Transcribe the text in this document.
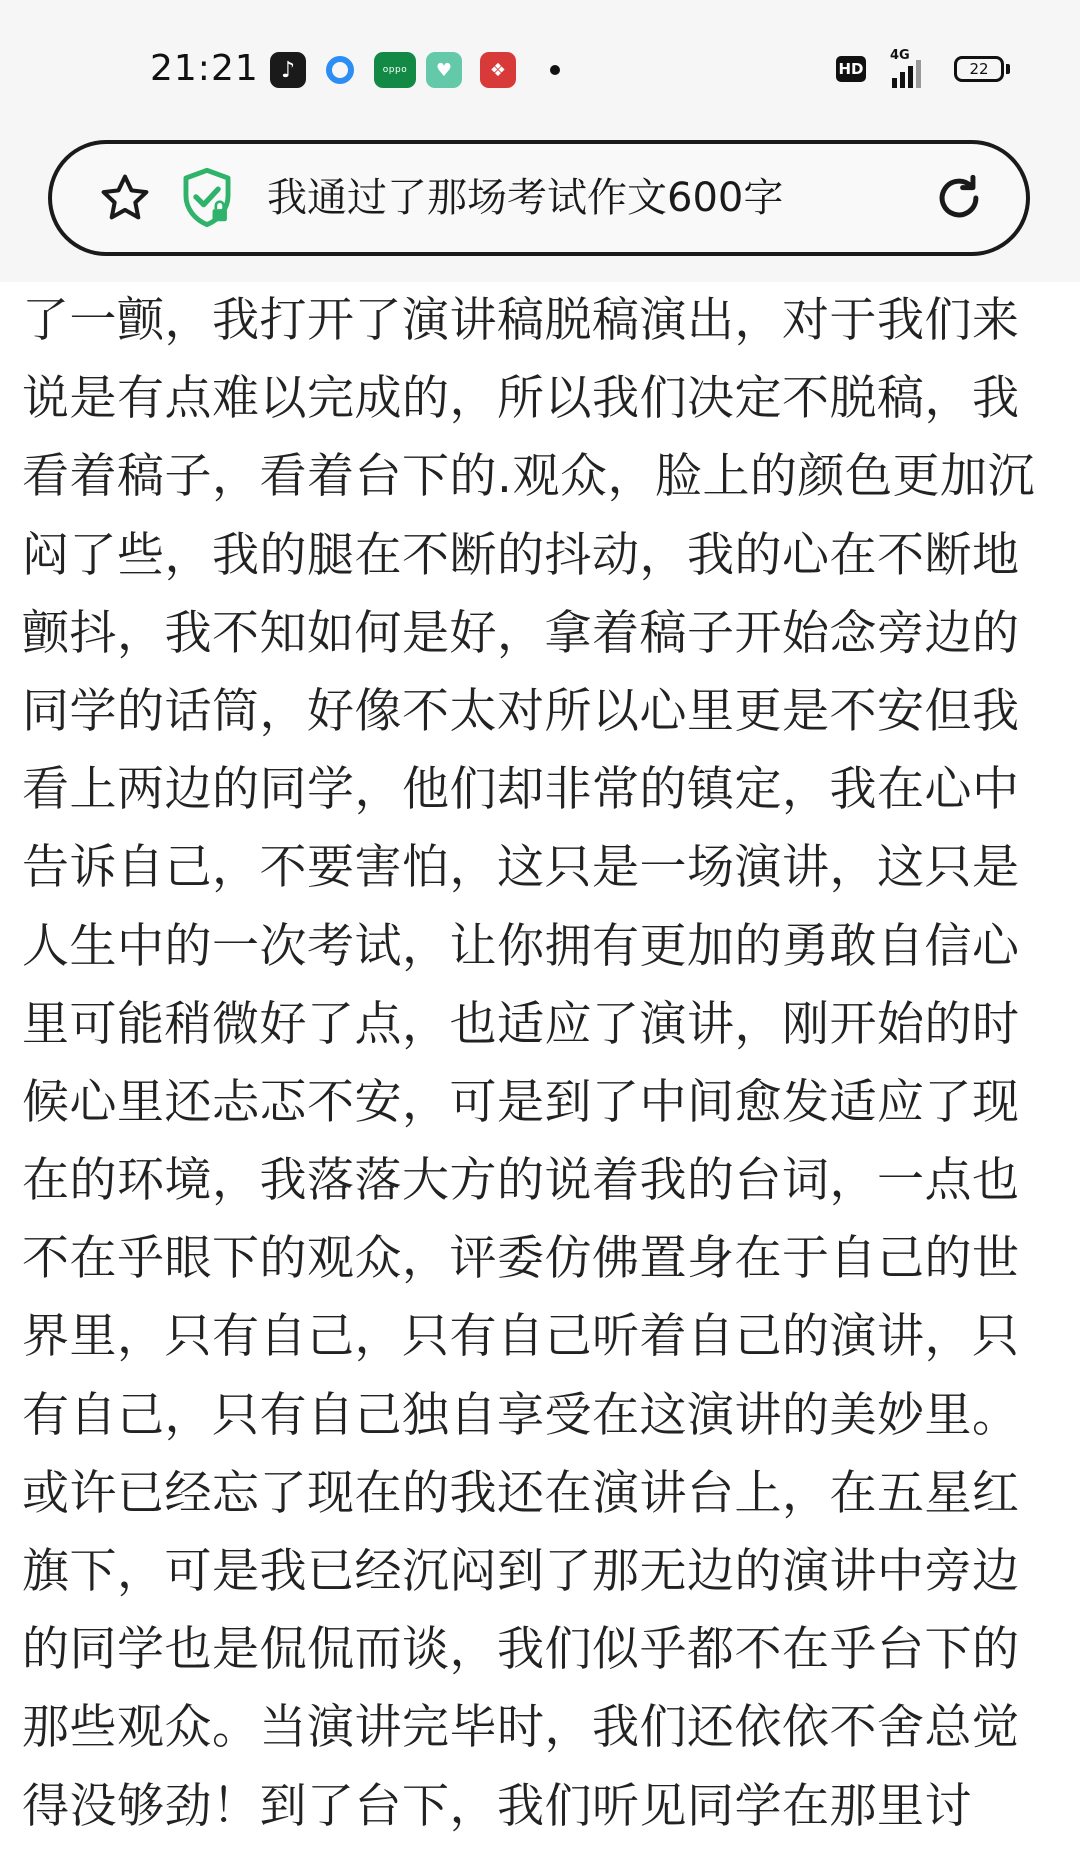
21:21	♪	oppo	♥	❖	HD
4G
22
我通过了那场考试作文600字
了一颤，我打开了演讲稿脱稿演出，对于我们来
说是有点难以完成的，所以我们决定不脱稿，我
看着稿子，看着台下的.观众，脸上的颜色更加沉
闷了些，我的腿在不断的抖动，我的心在不断地
颤抖，我不知如何是好，拿着稿子开始念旁边的
同学的话筒，好像不太对所以心里更是不安但我
看上两边的同学，他们却非常的镇定，我在心中
告诉自己，不要害怕，这只是一场演讲，这只是
人生中的一次考试，让你拥有更加的勇敢自信心
里可能稍微好了点，也适应了演讲，刚开始的时
候心里还忐忑不安，可是到了中间愈发适应了现
在的环境，我落落大方的说着我的台词，一点也
不在乎眼下的观众，评委仿佛置身在于自己的世
界里，只有自己，只有自己听着自己的演讲，只
有自己，只有自己独自享受在这演讲的美妙里。
或许已经忘了现在的我还在演讲台上，在五星红
旗下，可是我已经沉闷到了那无边的演讲中旁边
的同学也是侃侃而谈，我们似乎都不在乎台下的
那些观众。当演讲完毕时，我们还依依不舍总觉
得没够劲！到了台下，我们听见同学在那里讨
